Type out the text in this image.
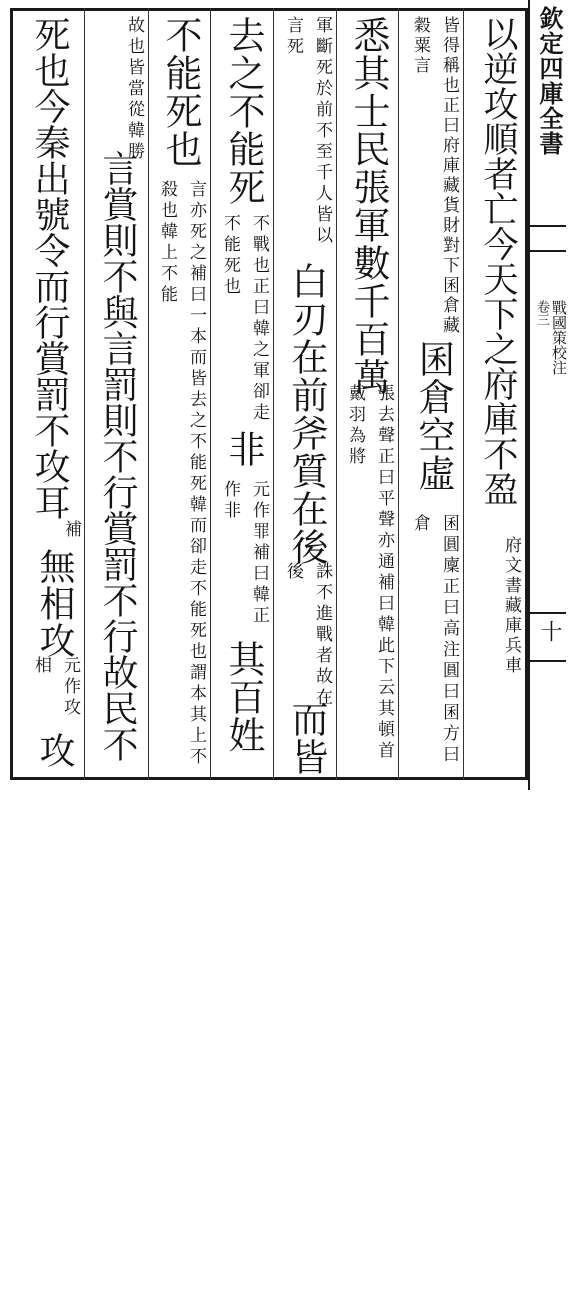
欽定四庫全書
戰國策校注
卷三
十
以逆攻順者亡今天下之府庫不盈
府文書藏庫兵車
皆得稱也正曰府庫藏貨財對下囷倉藏穀粟言
囷倉空虛
囷圓廩正曰高注圓曰囷方曰倉
悉其士民張軍數千百萬
張去聲正曰平聲亦通補曰韓此下云其頓首戴羽為將
軍斷死於前不至千人皆以言死
白刃在前斧質在後
誅不進戰者故在後
而皆
去之不能死
不戰也正曰韓之軍卻走不能死也
非
元作罪補曰韓正作非
其百姓
不能死也
言亦死之補曰一本而皆去之不能死韓而卻走不能死也謂本其上不殺也韓上不能
故也皆當從韓勝
言賞則不與言罰則不行賞罰不行故民不
死也今秦出號令而行賞罰不攻耳
補
無相攻
元作攻相
攻
